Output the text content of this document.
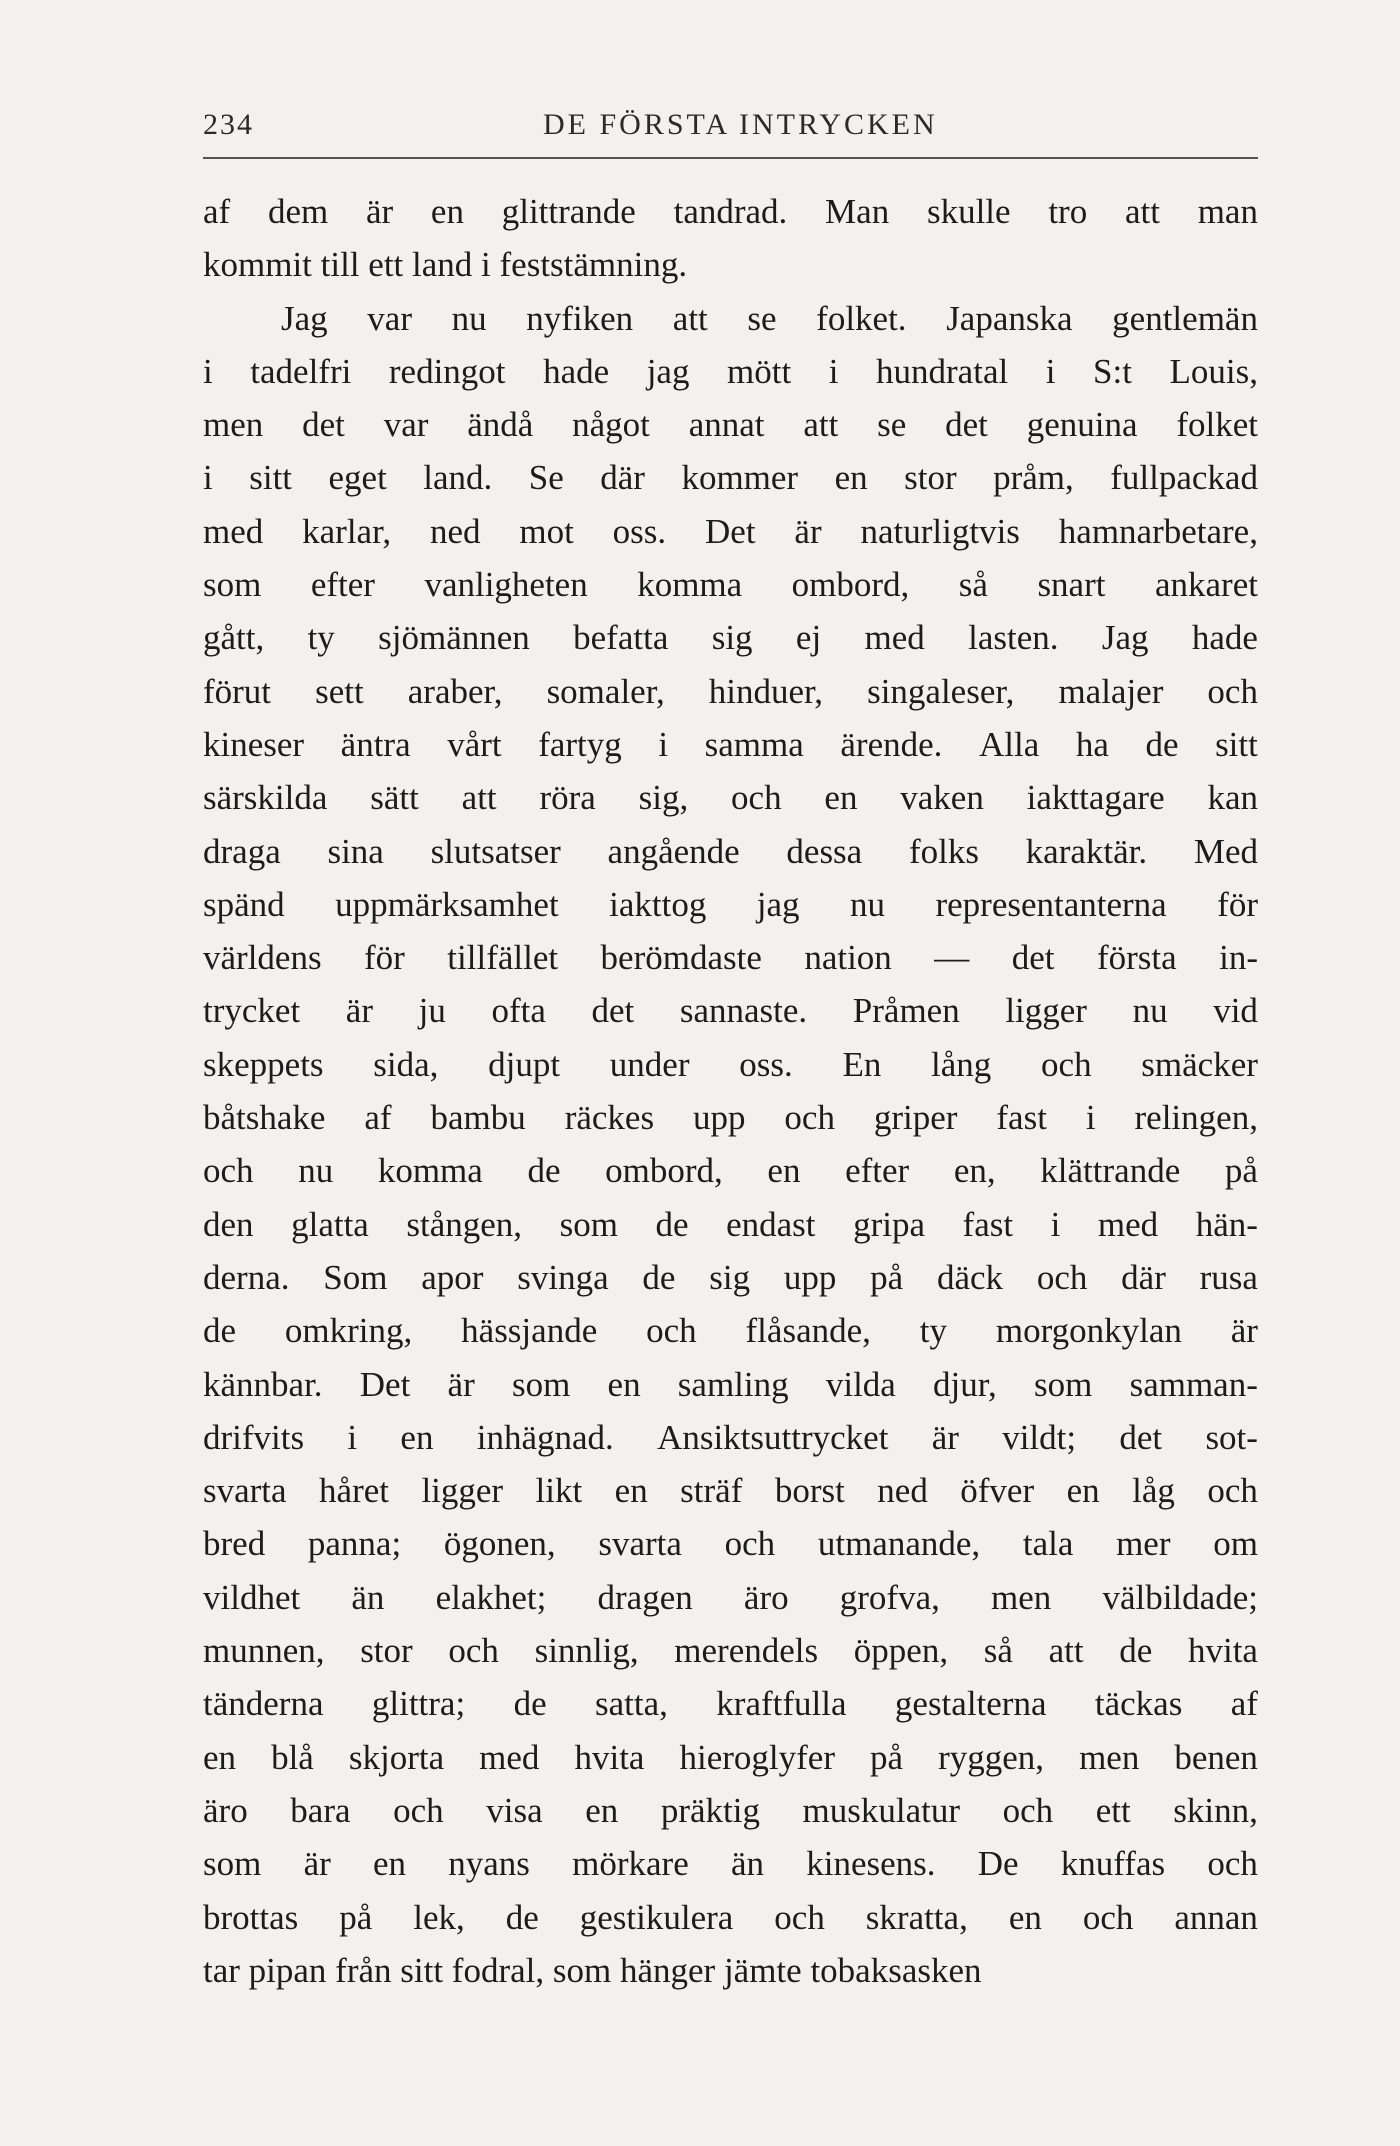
234	DE FÖRSTA INTRYCKEN
af dem är en glittrande tandrad. Man skulle tro att man
kommit till ett land i feststämning.
Jag var nu nyfiken att se folket. Japanska gentlemän
i tadelfri redingot hade jag mött i hundratal i S:t Louis,
men det var ändå något annat att se det genuina folket
i sitt eget land. Se där kommer en stor pråm, fullpackad
med karlar, ned mot oss. Det är naturligtvis hamnarbetare,
som efter vanligheten komma ombord, så snart ankaret
gått, ty sjömännen befatta sig ej med lasten. Jag hade
förut sett araber, somaler, hinduer, singaleser, malajer och
kineser äntra vårt fartyg i samma ärende. Alla ha de sitt
särskilda sätt att röra sig, och en vaken iakttagare kan
draga sina slutsatser angående dessa folks karaktär. Med
spänd uppmärksamhet iakttog jag nu representanterna för
världens för tillfället berömdaste nation — det första in-
trycket är ju ofta det sannaste. Pråmen ligger nu vid
skeppets sida, djupt under oss. En lång och smäcker
båtshake af bambu räckes upp och griper fast i relingen,
och nu komma de ombord, en efter en, klättrande på
den glatta stången, som de endast gripa fast i med hän-
derna. Som apor svinga de sig upp på däck och där rusa
de omkring, hässjande och flåsande, ty morgonkylan är
kännbar. Det är som en samling vilda djur, som samman-
drifvits i en inhägnad. Ansiktsuttrycket är vildt; det sot-
svarta håret ligger likt en sträf borst ned öfver en låg och
bred panna; ögonen, svarta och utmanande, tala mer om
vildhet än elakhet; dragen äro grofva, men välbildade;
munnen, stor och sinnlig, merendels öppen, så att de hvita
tänderna glittra; de satta, kraftfulla gestalterna täckas af
en blå skjorta med hvita hieroglyfer på ryggen, men benen
äro bara och visa en präktig muskulatur och ett skinn,
som är en nyans mörkare än kinesens. De knuffas och
brottas på lek, de gestikulera och skratta, en och annan
tar pipan från sitt fodral, som hänger jämte tobaksasken
